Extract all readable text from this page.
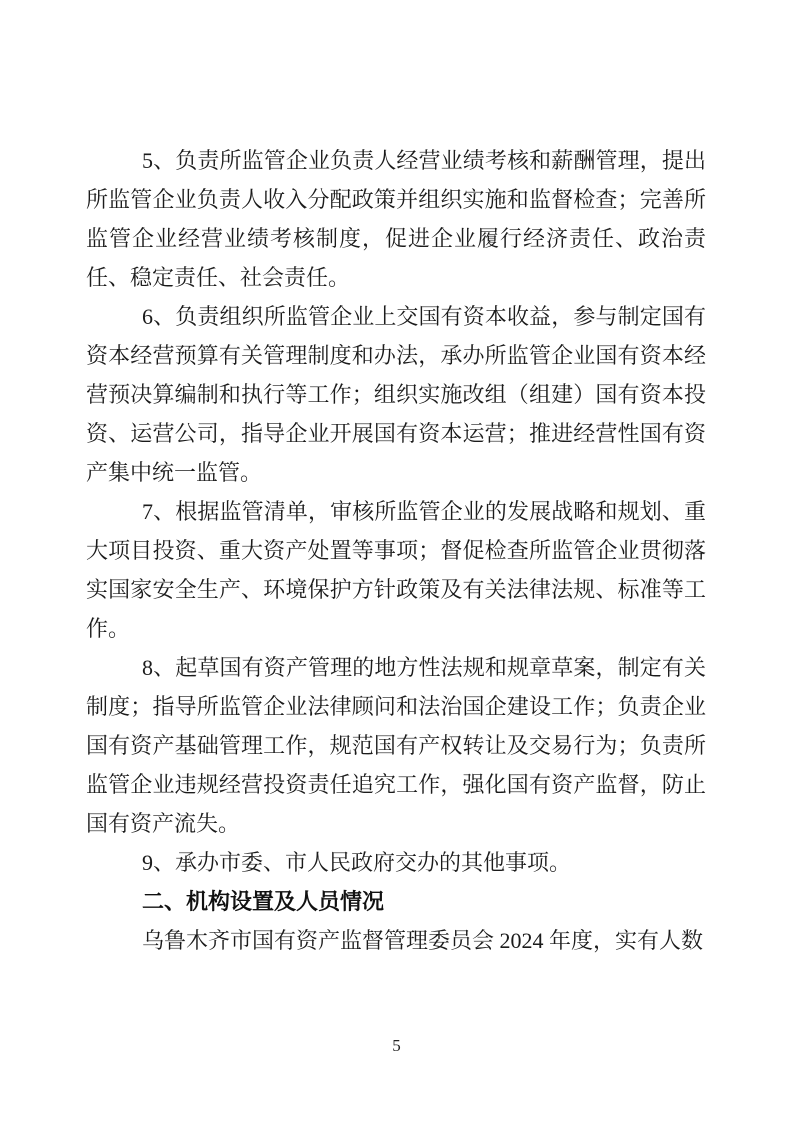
5、负责所监管企业负责人经营业绩考核和薪酬管理，提出所监管企业负责人收入分配政策并组织实施和监督检查；完善所监管企业经营业绩考核制度，促进企业履行经济责任、政治责任、稳定责任、社会责任。

6、负责组织所监管企业上交国有资本收益，参与制定国有资本经营预算有关管理制度和办法，承办所监管企业国有资本经营预决算编制和执行等工作；组织实施改组（组建）国有资本投资、运营公司，指导企业开展国有资本运营；推进经营性国有资产集中统一监管。

7、根据监管清单，审核所监管企业的发展战略和规划、重大项目投资、重大资产处置等事项；督促检查所监管企业贯彻落实国家安全生产、环境保护方针政策及有关法律法规、标准等工作。

8、起草国有资产管理的地方性法规和规章草案，制定有关制度；指导所监管企业法律顾问和法治国企建设工作；负责企业国有资产基础管理工作，规范国有产权转让及交易行为；负责所监管企业违规经营投资责任追究工作，强化国有资产监督，防止国有资产流失。

9、承办市委、市人民政府交办的其他事项。

二、机构设置及人员情况

乌鲁木齐市国有资产监督管理委员会 2024 年度，实有人数

5
